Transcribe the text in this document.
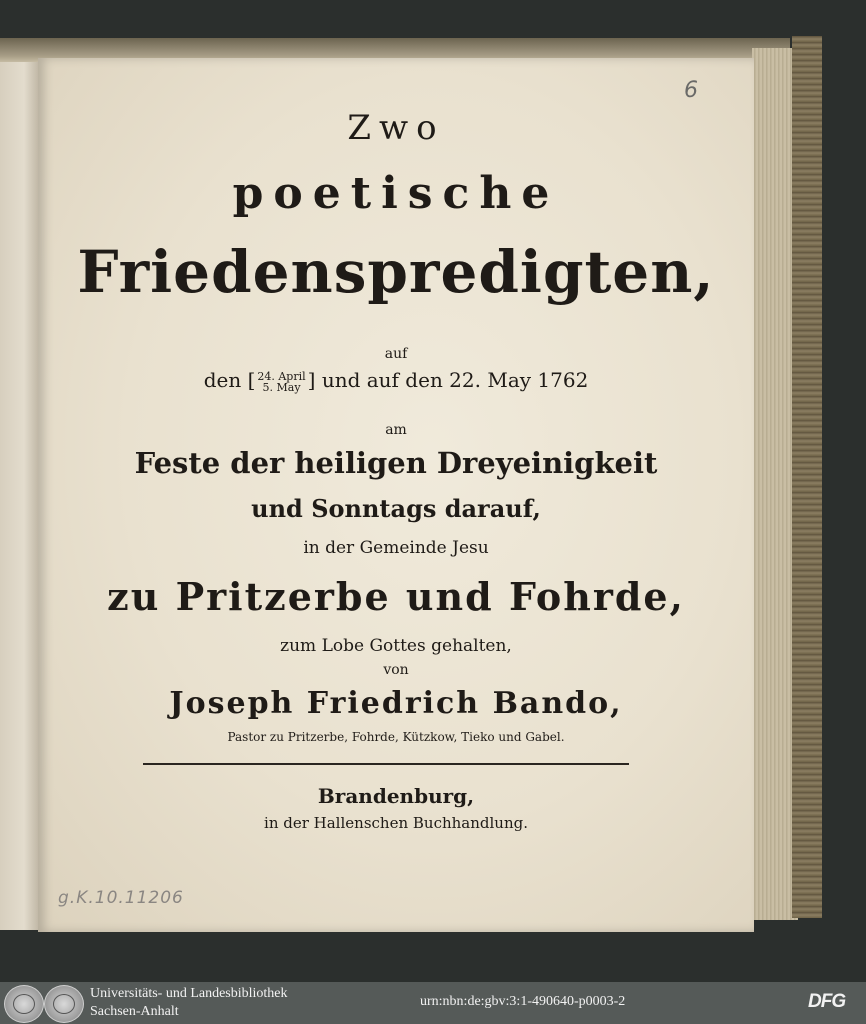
6
Zwo
poetische
Friedenspredigten,
auf
den [ 24. April
5. May ] und auf den 22. May 1762
am
Feste der heiligen Dreyeinigkeit
und Sonntags darauf,
in der Gemeinde Jesu
zu Pritzerbe und Fohrde,
zum Lobe Gottes gehalten,
von
Joseph Friedrich Bando,
Pastor zu Pritzerbe, Fohrde, Kützkow, Tieko und Gabel.
Brandenburg,
in der Hallenschen Buchhandlung.
g.K.10.11206
Universitäts- und Landesbibliothek
Sachsen-Anhalt
urn:nbn:de:gbv:3:1-490640-p0003-2	DFG
